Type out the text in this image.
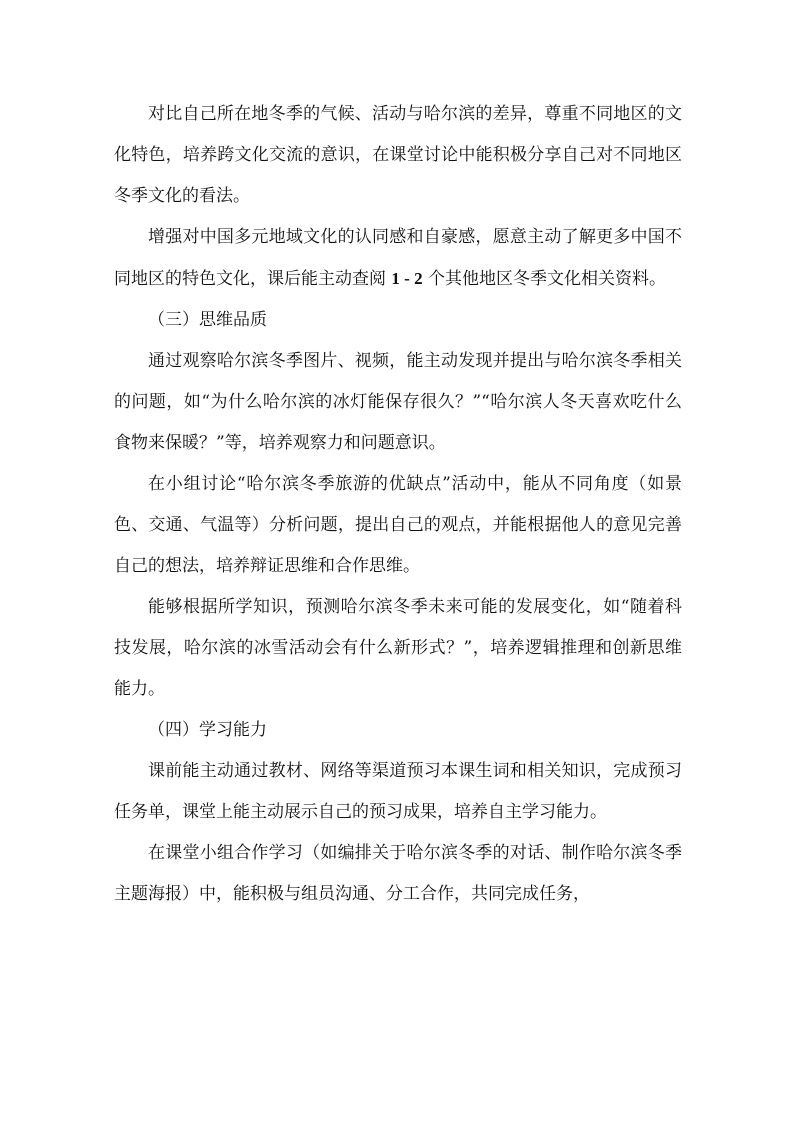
对比自己所在地冬季的气候、活动与哈尔滨的差异，尊重不同地区的文化特色，培养跨文化交流的意识，在课堂讨论中能积极分享自己对不同地区冬季文化的看法。

增强对中国多元地域文化的认同感和自豪感，愿意主动了解更多中国不同地区的特色文化，课后能主动查阅 1 - 2 个其他地区冬季文化相关资料。

（三）思维品质

通过观察哈尔滨冬季图片、视频，能主动发现并提出与哈尔滨冬季相关的问题，如“为什么哈尔滨的冰灯能保存很久？”“哈尔滨人冬天喜欢吃什么食物来保暖？”等，培养观察力和问题意识。

在小组讨论“哈尔滨冬季旅游的优缺点”活动中，能从不同角度（如景色、交通、气温等）分析问题，提出自己的观点，并能根据他人的意见完善自己的想法，培养辩证思维和合作思维。

能够根据所学知识，预测哈尔滨冬季未来可能的发展变化，如“随着科技发展，哈尔滨的冰雪活动会有什么新形式？”，培养逻辑推理和创新思维能力。

（四）学习能力

课前能主动通过教材、网络等渠道预习本课生词和相关知识，完成预习任务单，课堂上能主动展示自己的预习成果，培养自主学习能力。

在课堂小组合作学习（如编排关于哈尔滨冬季的对话、制作哈尔滨冬季主题海报）中，能积极与组员沟通、分工合作，共同完成任务，
